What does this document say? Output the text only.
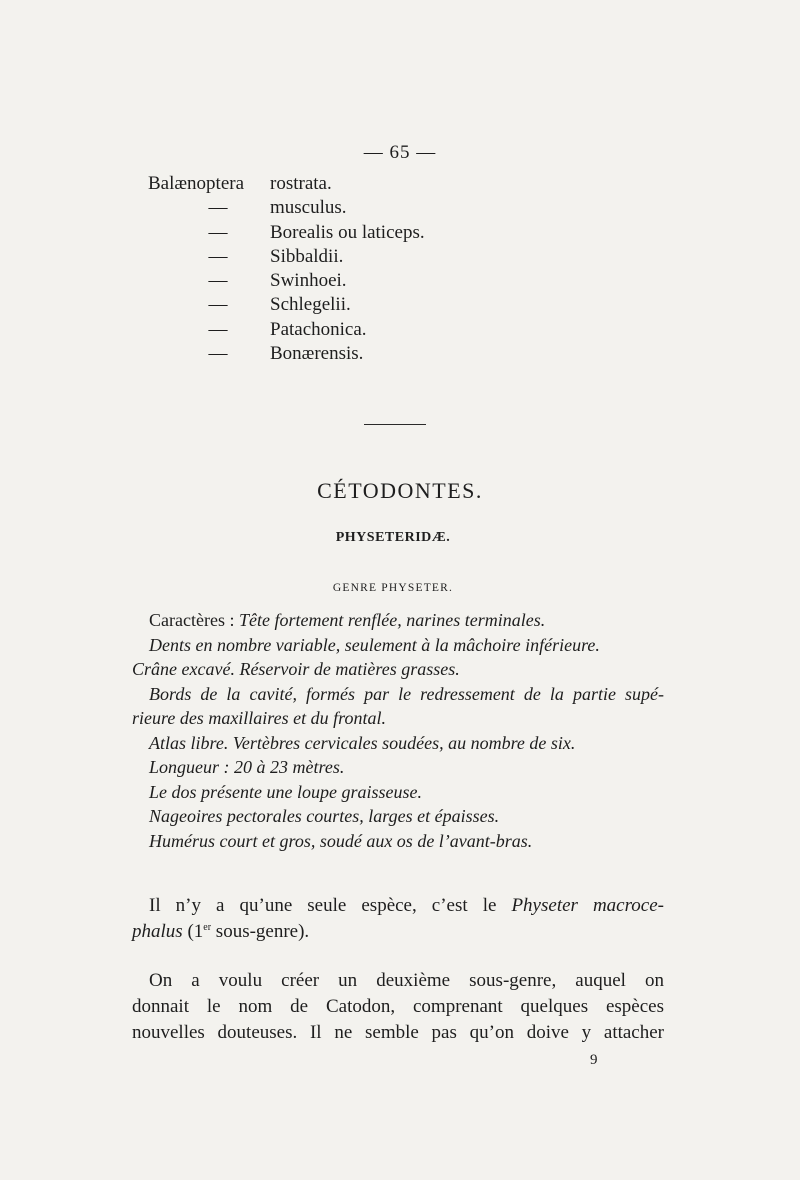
— 65 —
Balænoptera rostrata.
—	musculus.
—	Borealis ou laticeps.
—	Sibbaldii.
—	Swinhoei.
—	Schlegelii.
—	Patachonica.
—	Bonærensis.
CÉTODONTES.
PHYSETERIDÆ.
GENRE PHYSETER.
Caractères : Tête fortement renflée, narines terminales.
Dents en nombre variable, seulement à la mâchoire inférieure.
Crâne excavé. Réservoir de matières grasses.
Bords de la cavité, formés par le redressement de la partie supé-
rieure des maxillaires et du frontal.
Atlas libre. Vertèbres cervicales soudées, au nombre de six.
Longueur : 20 à 23 mètres.
Le dos présente une loupe graisseuse.
Nageoires pectorales courtes, larges et épaisses.
Humérus court et gros, soudé aux os de l’avant-bras.
Il n’y a qu’une seule espèce, c’est le Physeter macroce-
phalus (1er sous-genre).
On a voulu créer un deuxième sous-genre, auquel on
donnait le nom de Catodon, comprenant quelques espèces
nouvelles douteuses. Il ne semble pas qu’on doive y attacher
9
